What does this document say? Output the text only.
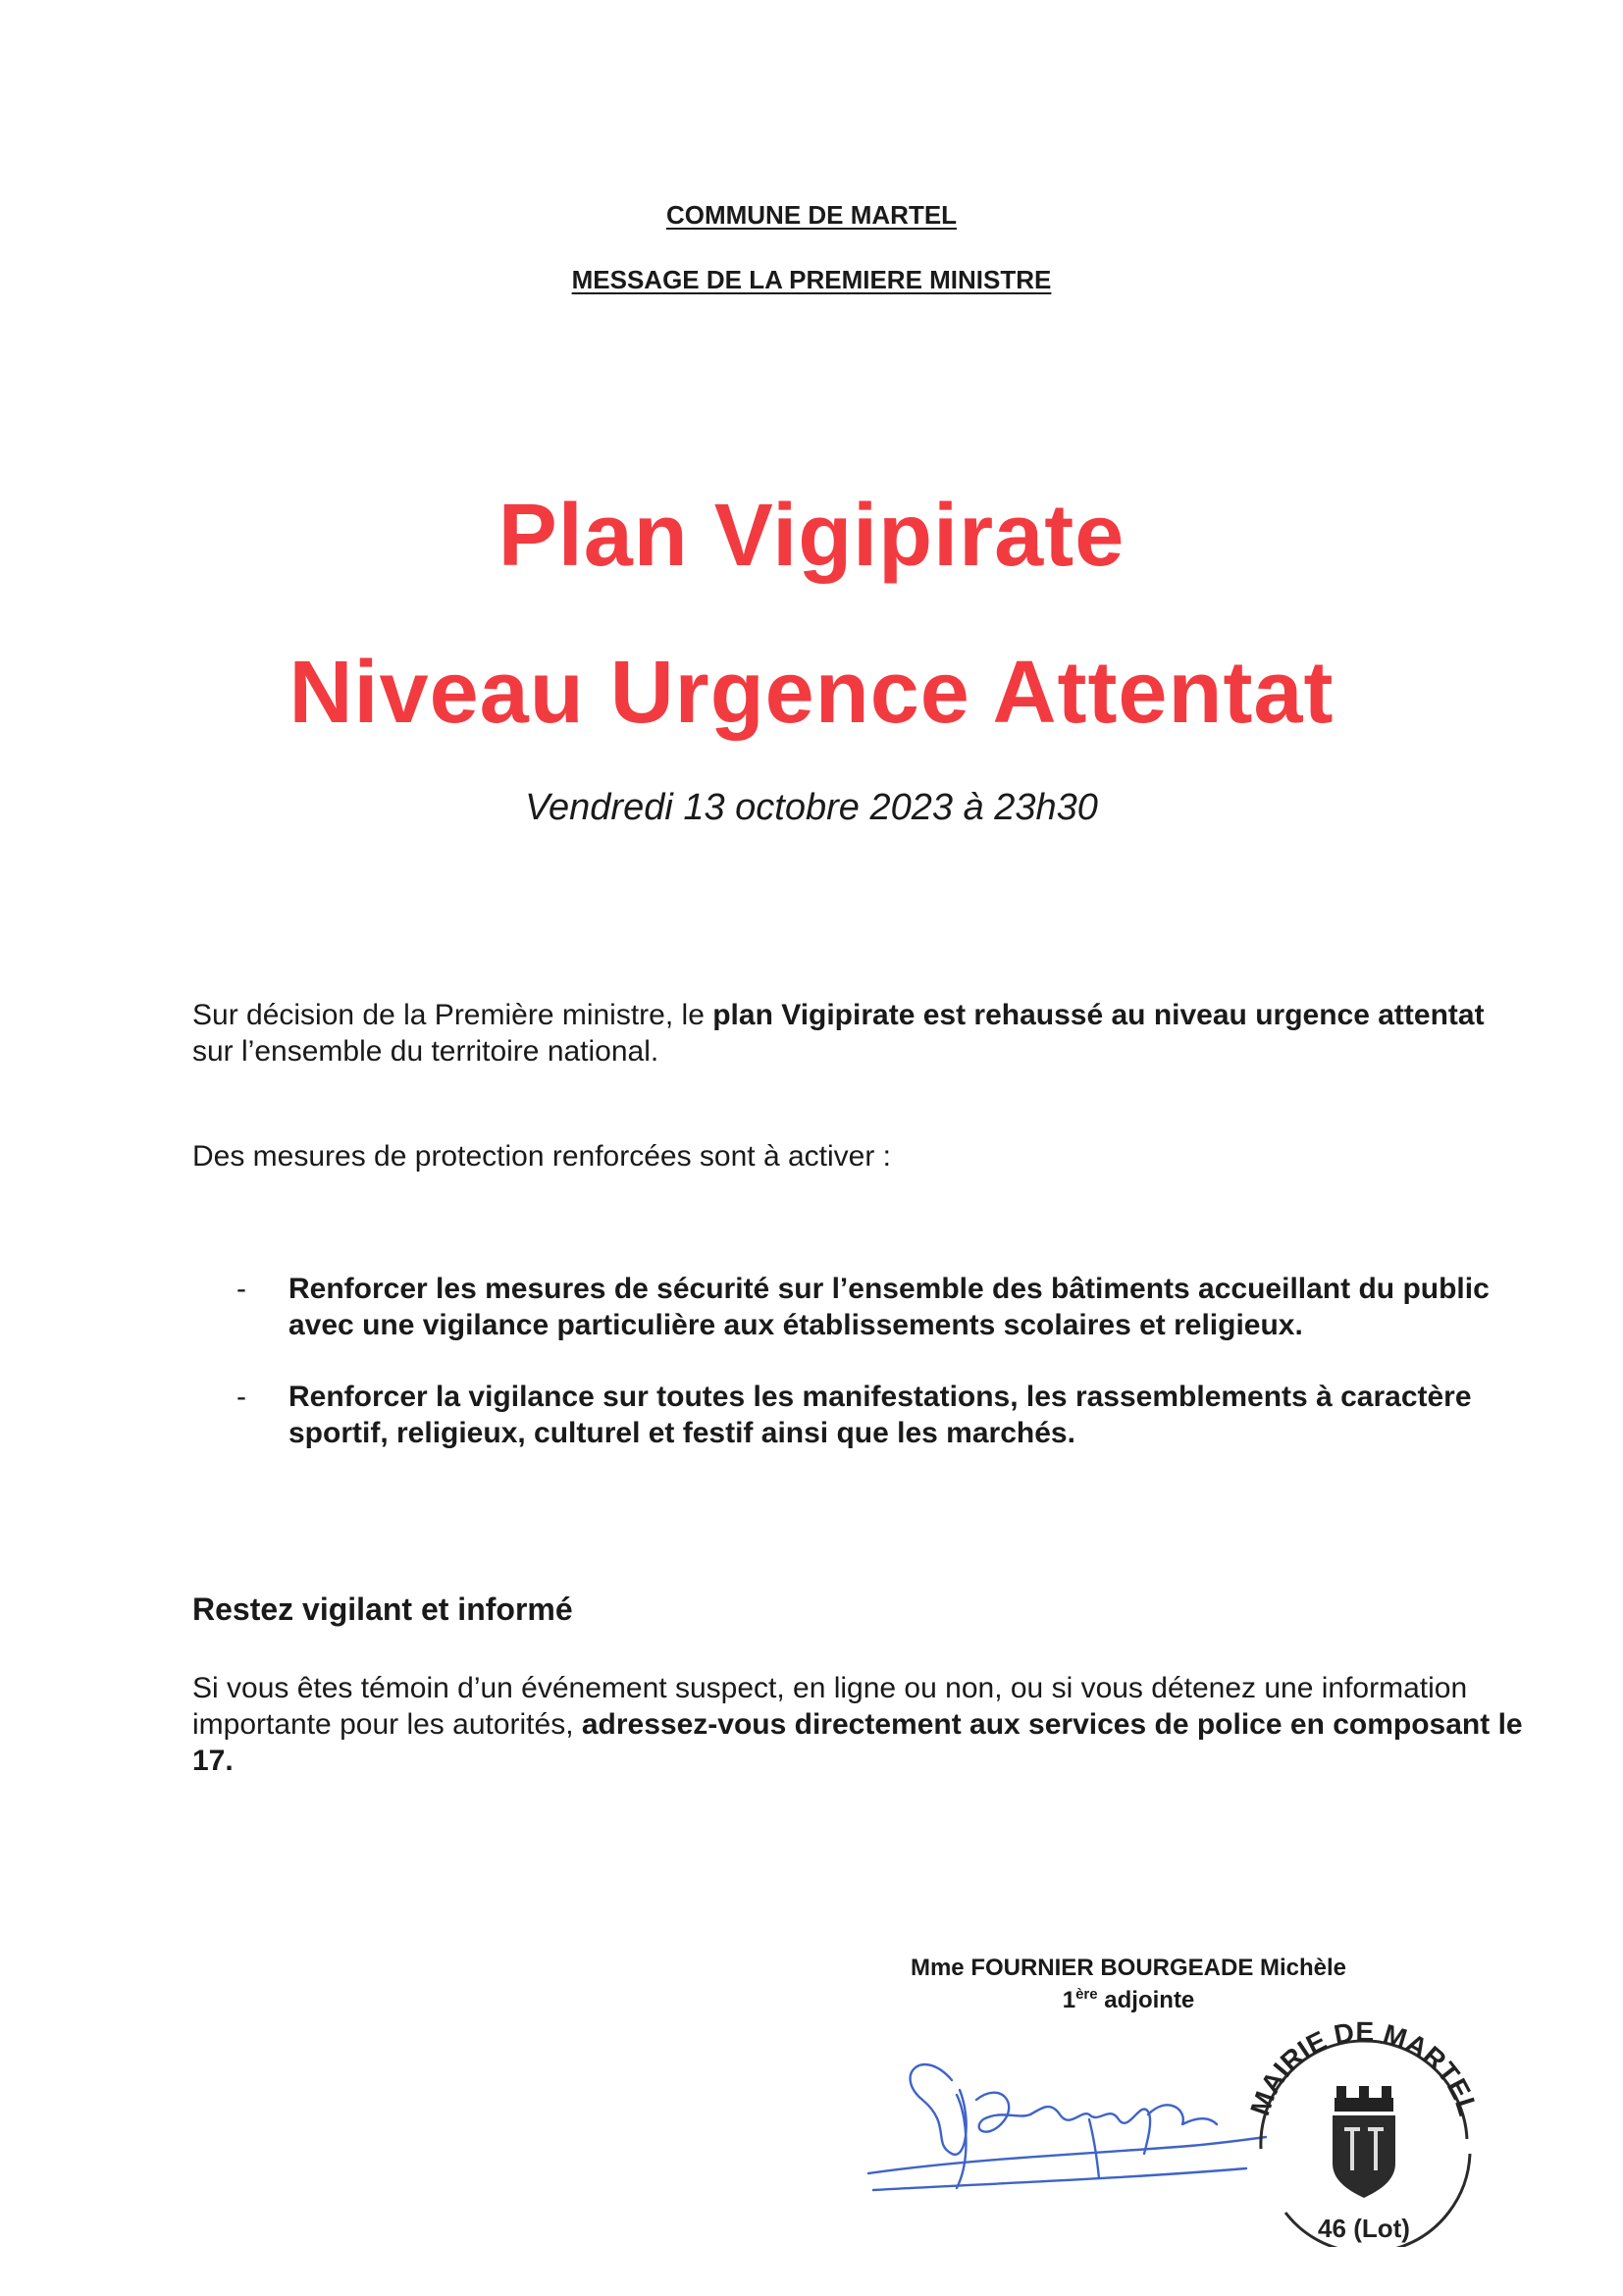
COMMUNE DE MARTEL
MESSAGE DE LA PREMIERE MINISTRE
Plan Vigipirate
Niveau Urgence Attentat
Vendredi 13 octobre 2023 à 23h30
Sur décision de la Première ministre, le plan Vigipirate est rehaussé au niveau urgence attentat sur l’ensemble du territoire national.
Des mesures de protection renforcées sont à activer :
-	Renforcer les mesures de sécurité sur l’ensemble des bâtiments accueillant du public avec une vigilance particulière aux établissements scolaires et religieux.
-	Renforcer la vigilance sur toutes les manifestations, les rassemblements à caractère sportif, religieux, culturel et festif ainsi que les marchés.
Restez vigilant et informé
Si vous êtes témoin d’un événement suspect, en ligne ou non, ou si vous détenez une information importante pour les autorités, adressez-vous directement aux services de police en composant le 17.
Mme FOURNIER BOURGEADE Michèle
1ère adjointe
MAIRIE DE MARTEL
46 (Lot)
